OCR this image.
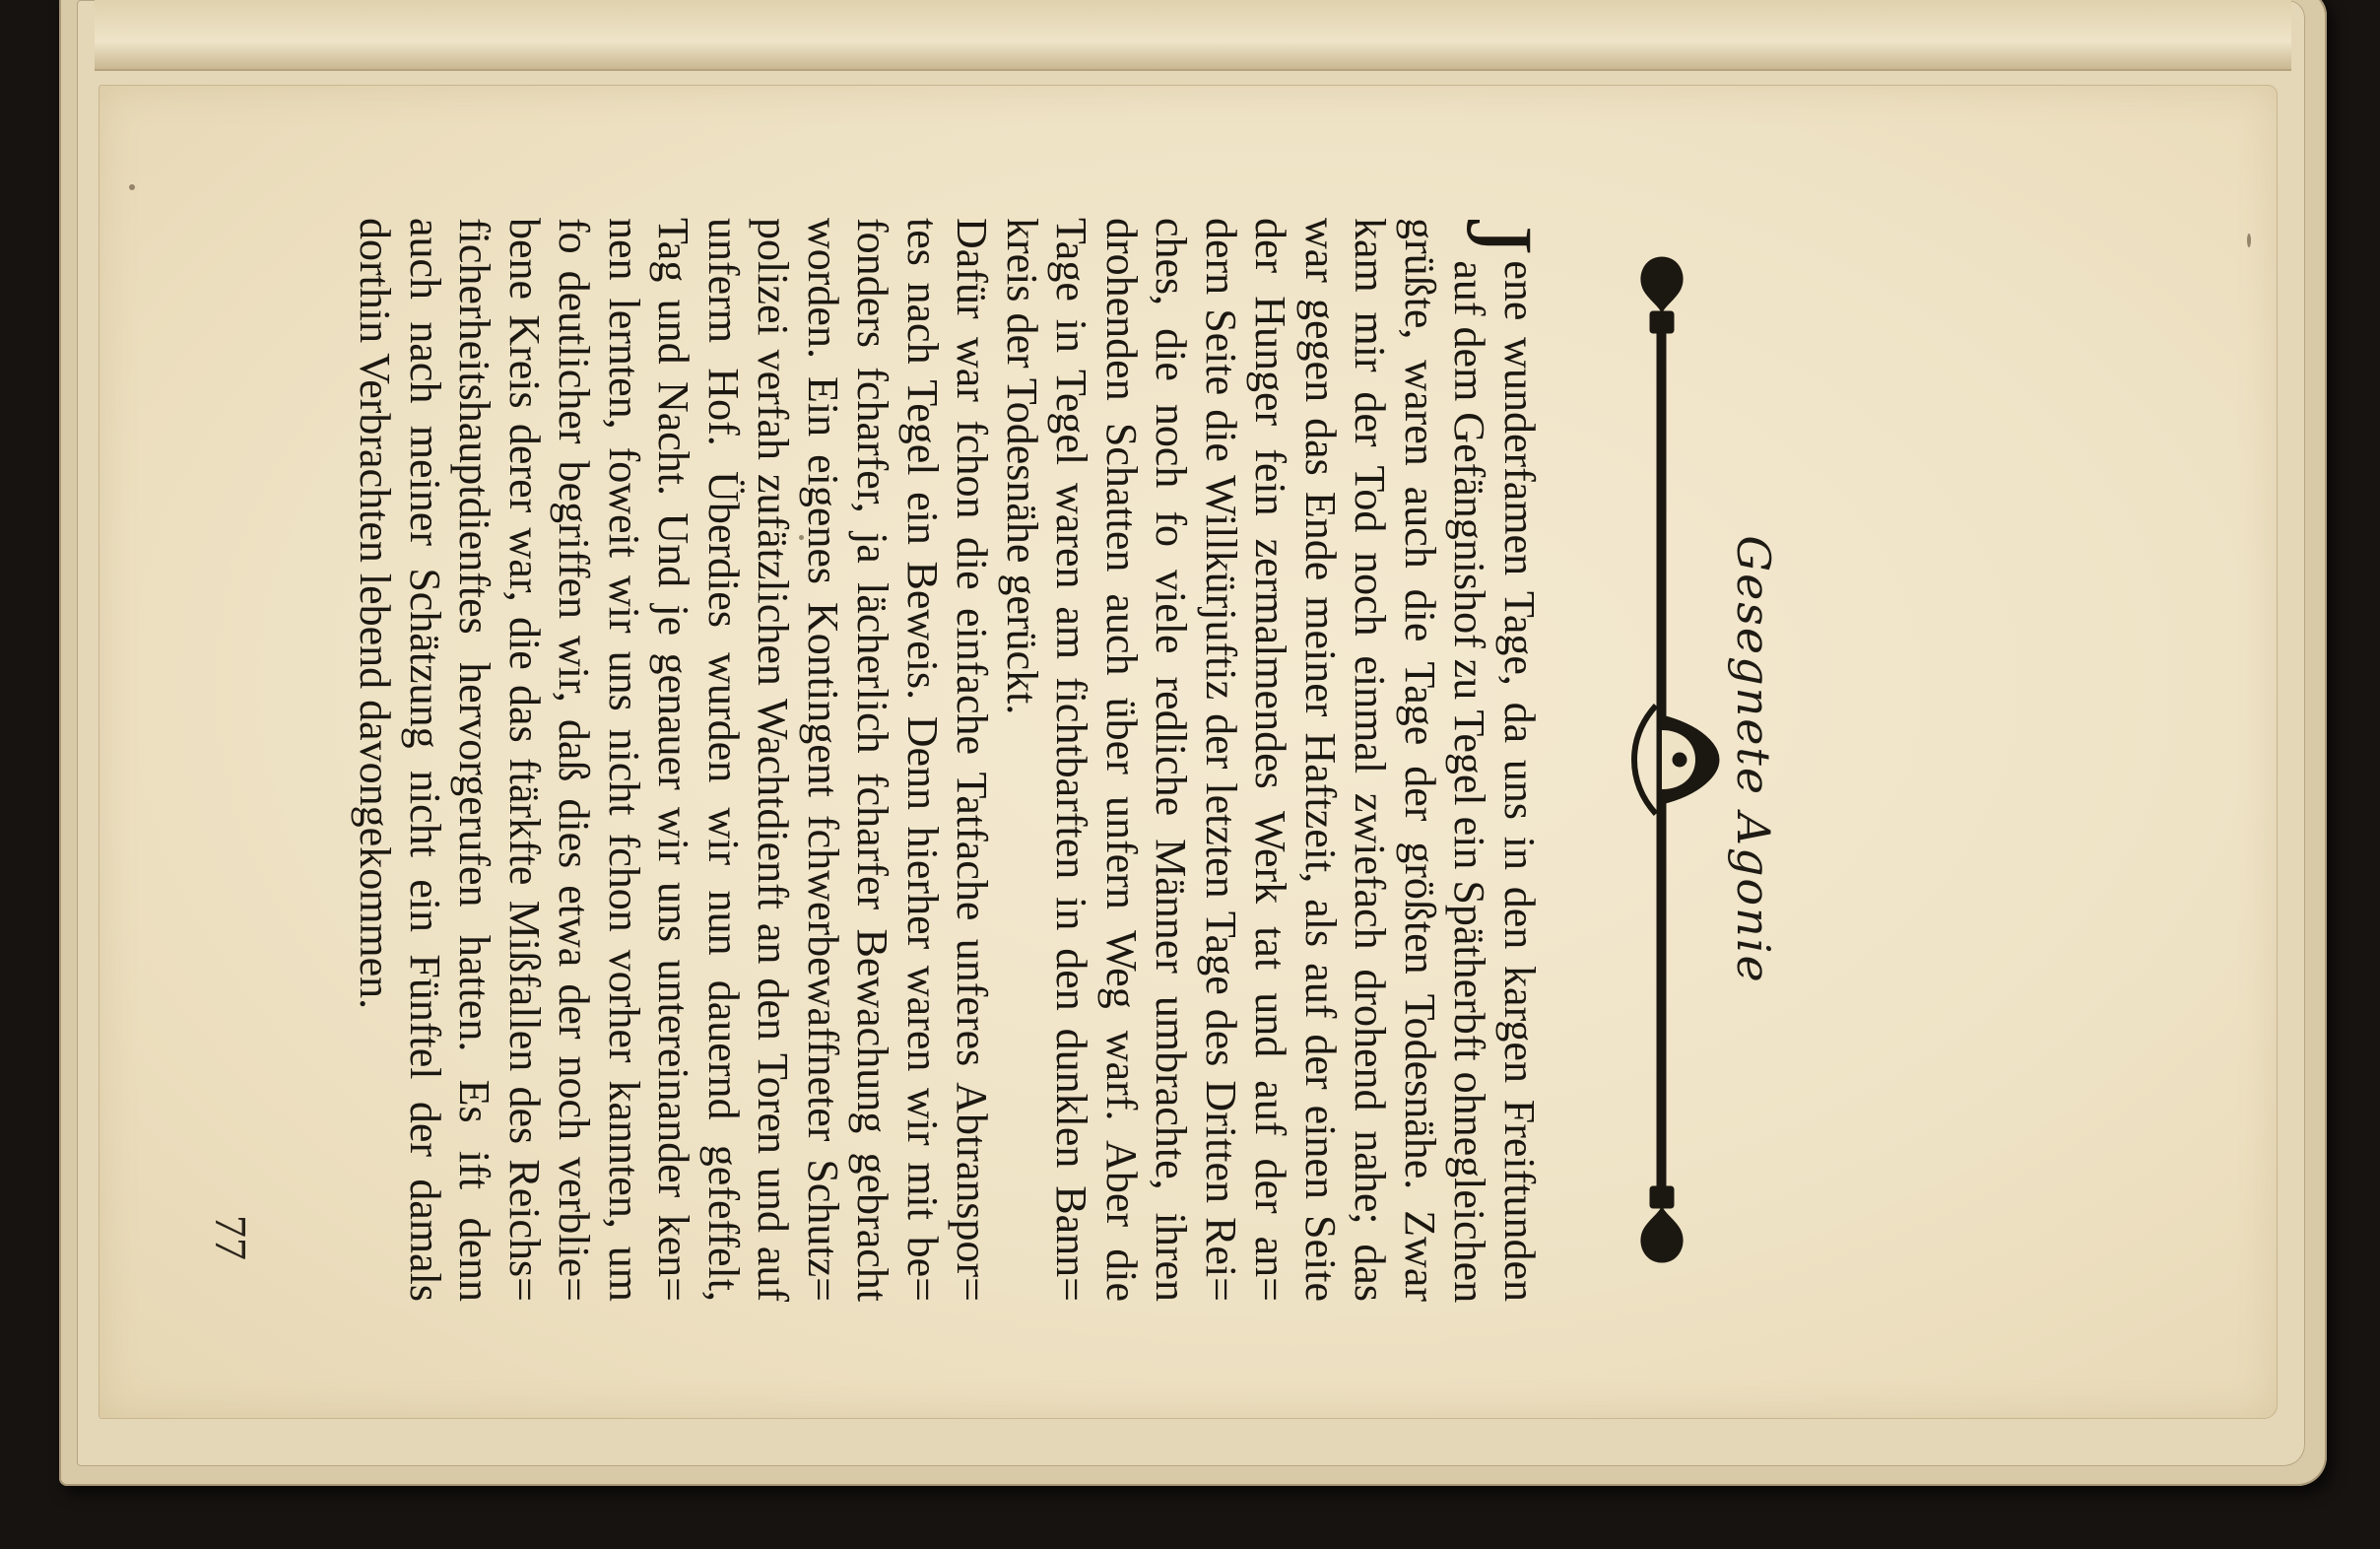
Gesegnete Agonie
J
ene wunderfamen Tage, da uns in den kargen Freiftunden
auf dem Gefängnishof zu Tegel ein Spätherbft ohnegleichen
grüßte, waren auch die Tage der größten Todesnähe. Zwar
kam mir der Tod noch einmal zwiefach drohend nahe; das
war gegen das Ende meiner Haftzeit, als auf der einen Seite
der Hunger fein zermalmendes Werk tat und auf der an=
dern Seite die Willkürjuftiz der letzten Tage des Dritten Rei=
ches, die noch fo viele redliche Männer umbrachte, ihren
drohenden Schatten auch über unfern Weg warf. Aber die
Tage in Tegel waren am fichtbarften in den dunklen Bann=
kreis der Todesnähe gerückt.
Dafür war fchon die einfache Tatfache unferes Abtranspor=
tes nach Tegel ein Beweis. Denn hierher waren wir mit be=
fonders fcharfer, ja lächerlich fcharfer Bewachung gebracht
worden. Ein eigenes Kontingent fchwerbewaffneter Schutz=
polizei verfah zufätzlichen Wachtdienft an den Toren und auf
unferm Hof. Überdies wurden wir nun dauernd gefeffelt,
Tag und Nacht. Und je genauer wir uns untereinander ken=
nen lernten, foweit wir uns nicht fchon vorher kannten, um
fo deutlicher begriffen wir, daß dies etwa der noch verblie=
bene Kreis derer war, die das ftärkfte Mißfallen des Reichs=
ficherheitshauptdienftes hervorgerufen hatten. Es ift denn
auch nach meiner Schätzung nicht ein Fünftel der damals
dorthin Verbrachten lebend davongekommen.
77
